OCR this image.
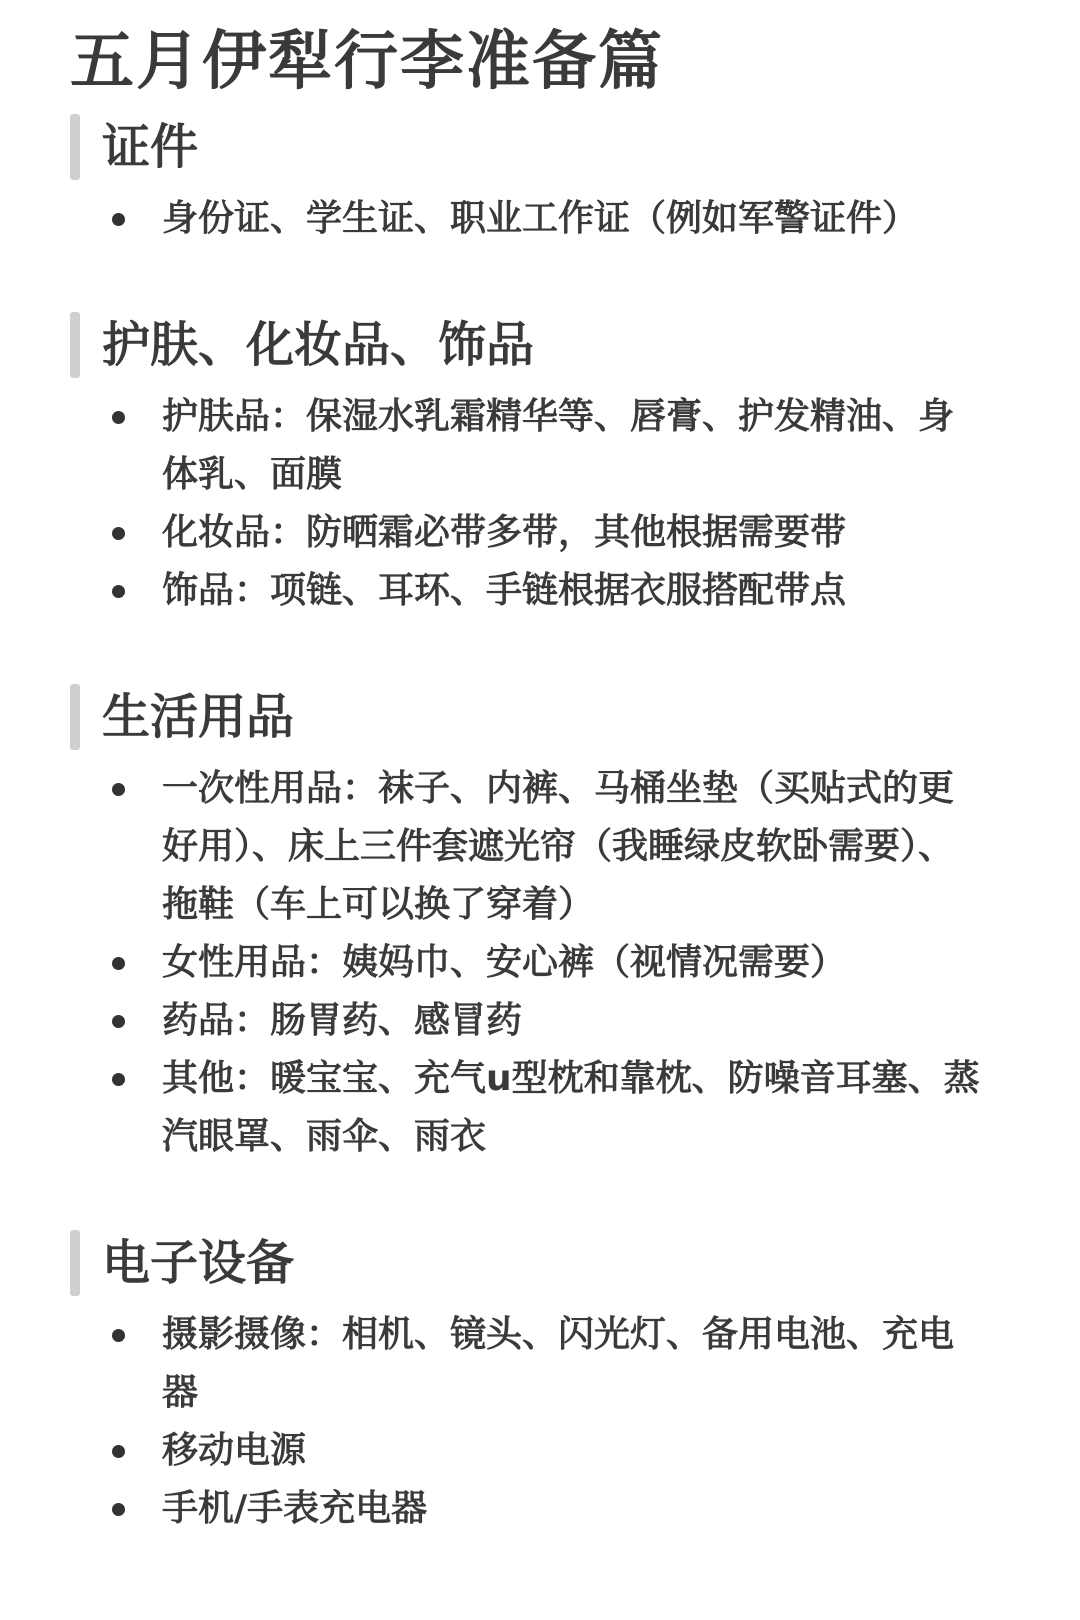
五月伊犁行李准备篇
证件
身份证、学生证、职业工作证（例如军警证件）
护肤、化妆品、饰品
护肤品：保湿水乳霜精华等、唇膏、护发精油、身体乳、面膜
化妆品：防晒霜必带多带，其他根据需要带
饰品：项链、耳环、手链根据衣服搭配带点
生活用品
一次性用品：袜子、内裤、马桶坐垫（买贴式的更好用）、床上三件套遮光帘（我睡绿皮软卧需要）、拖鞋（车上可以换了穿着）
女性用品：姨妈巾、安心裤（视情况需要）
药品：肠胃药、感冒药
其他：暖宝宝、充气u型枕和靠枕、防噪音耳塞、蒸汽眼罩、雨伞、雨衣
电子设备
摄影摄像：相机、镜头、闪光灯、备用电池、充电器
移动电源
手机/手表充电器
